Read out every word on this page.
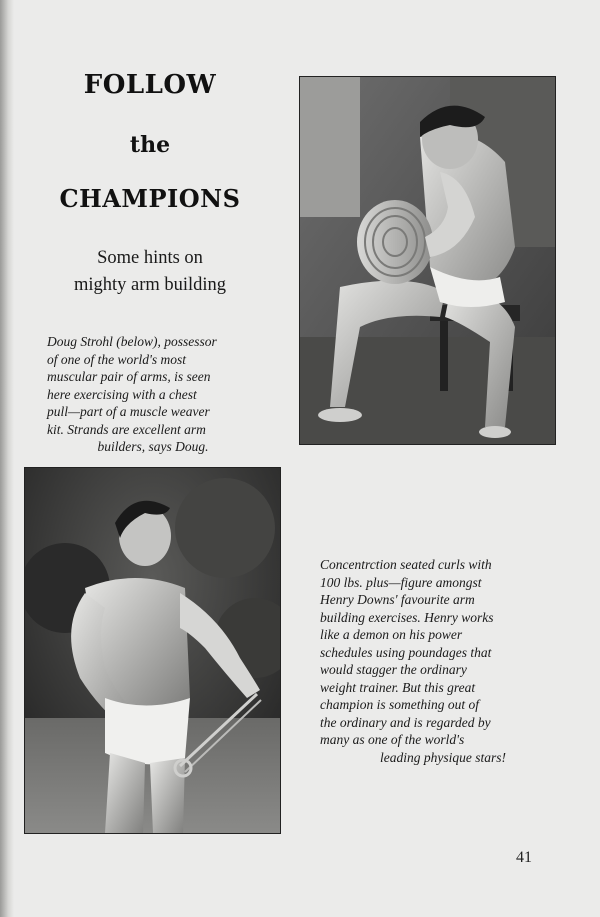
FOLLOW
the
CHAMPIONS
Some hints on
mighty arm building
Doug Strohl (below), possessor
of one of the world's most
muscular pair of arms, is seen
here exercising with a chest
pull—part of a muscle weaver
kit. Strands are excellent arm
builders, says Doug.
Concentrction seated curls with
100 lbs. plus—figure amongst
Henry Downs' favourite arm
building exercises. Henry works
like a demon on his power
schedules using poundages that
would stagger the ordinary
weight trainer. But this great
champion is something out of
the ordinary and is regarded by
many as one of the world's
leading physique stars!
41
